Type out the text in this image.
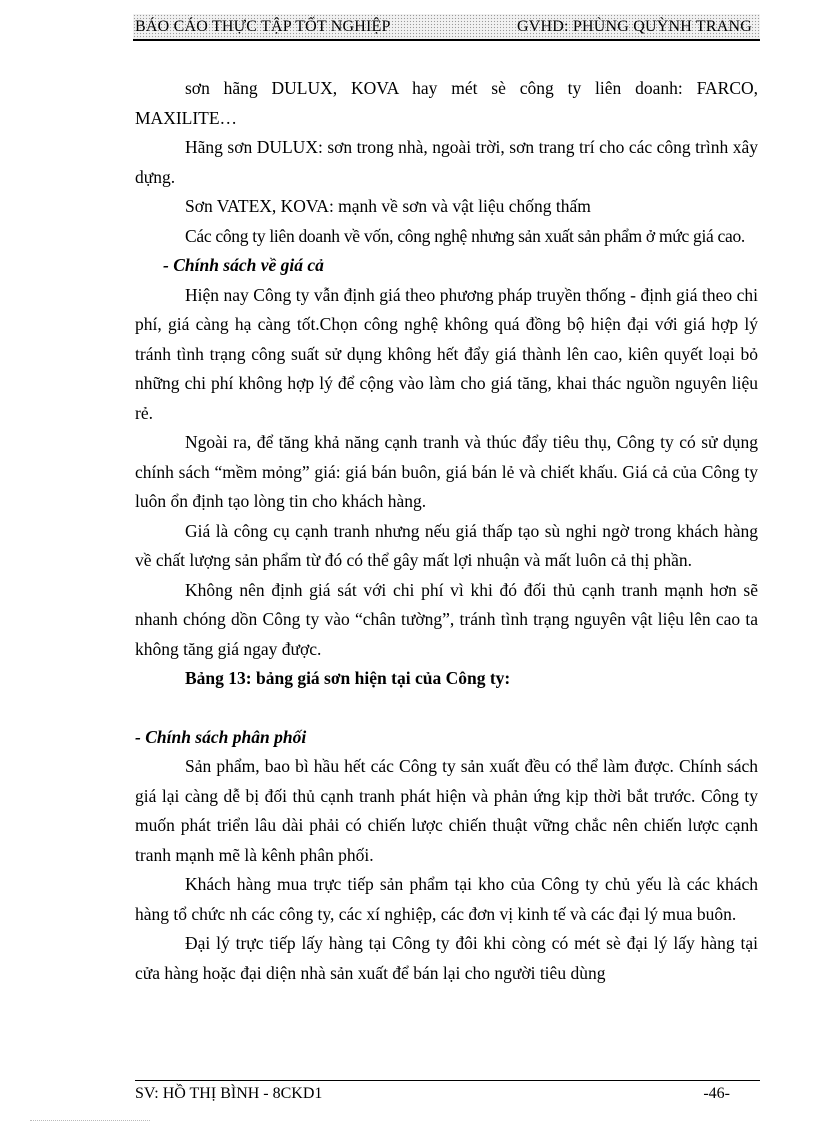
BÁO CÁO THỰC TẬP TỐT NGHIỆP	GVHD: PHÙNG QUỲNH TRANG

sơn hãng DULUX, KOVA hay mét sè công ty liên doanh: FARCO, MAXILITE…

Hãng sơn DULUX: sơn trong nhà, ngoài trời, sơn trang trí cho các công trình xây dựng.

Sơn VATEX, KOVA: mạnh về sơn và vật liệu chống thấm

Các công ty liên doanh về vốn, công nghệ nhưng sản xuất sản phẩm ở mức giá cao.

- Chính sách về giá cả

Hiện nay Công ty vẫn định giá theo phương pháp truyền thống - định giá theo chi phí, giá càng hạ càng tốt.Chọn công nghệ không quá đồng bộ hiện đại với giá hợp lý tránh tình trạng công suất sử dụng không hết đẩy giá thành lên cao, kiên quyết loại bỏ những chi phí không hợp lý để cộng vào làm cho giá tăng, khai thác nguồn nguyên liệu rẻ.

Ngoài ra, để tăng khả năng cạnh tranh và thúc đẩy tiêu thụ, Công ty có sử dụng chính sách “mềm mỏng” giá: giá bán buôn, giá bán lẻ và chiết khấu. Giá cả của Công ty luôn ổn định tạo lòng tin cho khách hàng.

Giá là công cụ cạnh tranh nhưng nếu giá thấp tạo sù nghi ngờ trong khách hàng về chất lượng sản phẩm từ đó có thể gây mất lợi nhuận và mất luôn cả thị phần.

Không nên định giá sát với chi phí vì khi đó đối thủ cạnh tranh mạnh hơn sẽ nhanh chóng dồn Công ty vào “chân tường”, tránh tình trạng nguyên vật liệu lên cao ta không tăng giá ngay được.

Bảng 13: bảng giá sơn hiện tại của Công ty:

- Chính sách phân phối

Sản phẩm, bao bì hầu hết các Công ty sản xuất đều có thể làm được. Chính sách giá lại càng dễ bị đối thủ cạnh tranh phát hiện và phản ứng kịp thời bắt trước. Công ty muốn phát triển lâu dài phải có chiến lược chiến thuật vững chắc nên chiến lược cạnh tranh mạnh mẽ là kênh phân phối.

Khách hàng mua trực tiếp sản phẩm tại kho của Công ty chủ yếu là các khách hàng tổ chức nh các công ty, các xí nghiệp, các đơn vị kinh tế và các đại lý mua buôn.

Đại lý trực tiếp lấy hàng tại Công ty đôi khi còng có mét sè đại lý lấy hàng tại cửa hàng hoặc đại diện nhà sản xuất để bán lại cho người tiêu dùng

SV: HỒ THỊ BÌNH - 8CKD1	-46-
